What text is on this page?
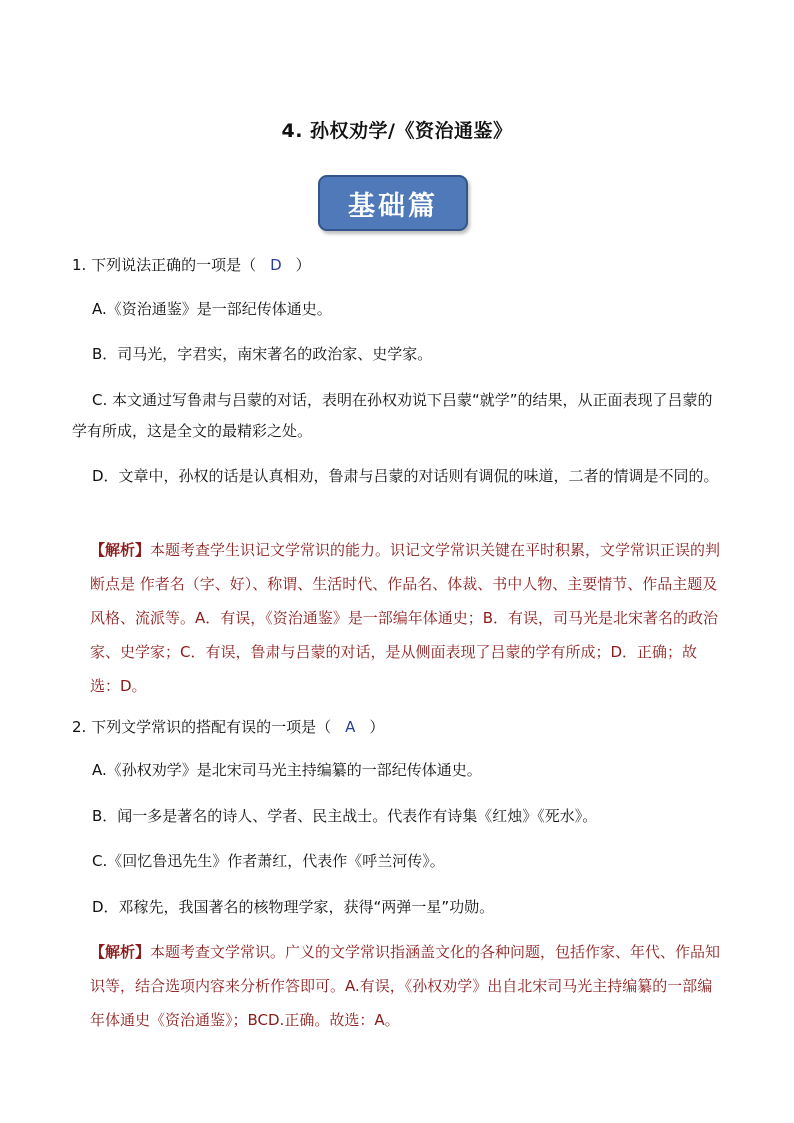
4. 孙权劝学/《资治通鉴》
基础篇
1. 下列说法正确的一项是（ D ）
A.《资治通鉴》是一部纪传体通史。
B．司马光，字君实，南宋著名的政治家、史学家。
C. 本文通过写鲁肃与吕蒙的对话，表明在孙权劝说下吕蒙“就学”的结果，从正面表现了吕蒙的学有所成，这是全文的最精彩之处。
D．文章中，孙权的话是认真相劝，鲁肃与吕蒙的对话则有调侃的味道，二者的情调是不同的。
【解析】本题考查学生识记文学常识的能力。识记文学常识关键在平时积累，文学常识正误的判断点是 作者名（字、好）、称谓、生活时代、作品名、体裁、书中人物、主要情节、作品主题及风格、流派等。A．有误，《资治通鉴》是一部编年体通史；B．有误，司马光是北宋著名的政治家、史学家；C．有误，鲁肃与吕蒙的对话，是从侧面表现了吕蒙的学有所成；D．正确；故选：D。
2. 下列文学常识的搭配有误的一项是（ A ）
A.《孙权劝学》是北宋司马光主持编纂的一部纪传体通史。
B．闻一多是著名的诗人、学者、民主战士。代表作有诗集《红烛》《死水》。
C.《回忆鲁迅先生》作者萧红，代表作《呼兰河传》。
D．邓稼先，我国著名的核物理学家，获得“两弹一星”功勋。
【解析】本题考查文学常识。广义的文学常识指涵盖文化的各种问题，包括作家、年代、作品知识等，结合选项内容来分析作答即可。A.有误，《孙权劝学》出自北宋司马光主持编纂的一部编年体通史《资治通鉴》；BCD.正确。故选：A。
